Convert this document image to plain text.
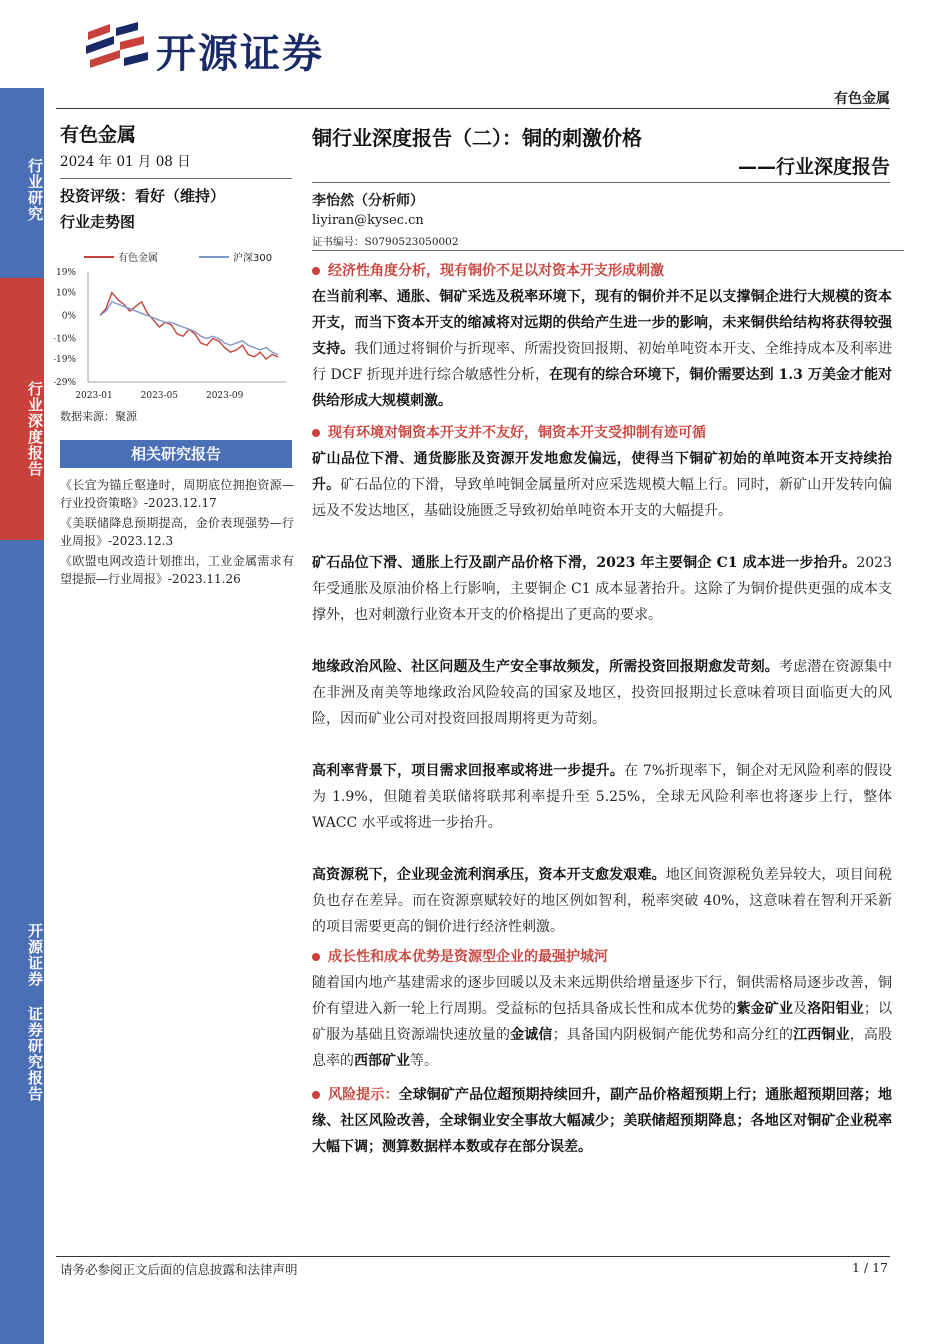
行业研究
行业深度报告
开源证券 证券研究报告
开源证券
有色金属
有色金属
2024 年 01 月 08 日
投资评级：看好（维持）
行业走势图
有色金属	沪深300
19%
10%
0%
-10%
-19%
-29%
2023-01	2023-05	2023-09
数据来源：聚源
相关研究报告
《长宜为锚丘壑逢时，周期底位拥抱资源—行业投资策略》-2023.12.17
《美联储降息预期提高，金价表现强势—行业周报》-2023.12.3
《欧盟电网改造计划推出，工业金属需求有望提振—行业周报》-2023.11.26
铜行业深度报告（二）：铜的刺激价格
——行业深度报告
李怡然（分析师）
liyiran@kysec.cn
证书编号：S0790523050002
经济性角度分析，现有铜价不足以对资本开支形成刺激

在当前利率、通胀、铜矿采选及税率环境下，现有的铜价并不足以支撑铜企进行大规模的资本开支，而当下资本开支的缩减将对远期的供给产生进一步的影响，未来铜供给结构将获得较强支持。我们通过将铜价与折现率、所需投资回报期、初始单吨资本开支、全维持成本及利率进行 DCF 折现并进行综合敏感性分析，在现有的综合环境下，铜价需要达到 1.3 万美金才能对供给形成大规模刺激。

现有环境对铜资本开支并不友好，铜资本开支受抑制有迹可循

矿山品位下滑、通货膨胀及资源开发地愈发偏远，使得当下铜矿初始的单吨资本开支持续抬升。矿石品位的下滑，导致单吨铜金属量所对应采选规模大幅上行。同时，新矿山开发转向偏远及不发达地区，基础设施匮乏导致初始单吨资本开支的大幅提升。

矿石品位下滑、通胀上行及副产品价格下滑，2023 年主要铜企 C1 成本进一步抬升。2023 年受通胀及原油价格上行影响，主要铜企 C1 成本显著抬升。这除了为铜价提供更强的成本支撑外，也对刺激行业资本开支的价格提出了更高的要求。

地缘政治风险、社区问题及生产安全事故频发，所需投资回报期愈发苛刻。考虑潜在资源集中在非洲及南美等地缘政治风险较高的国家及地区，投资回报期过长意味着项目面临更大的风险，因而矿业公司对投资回报周期将更为苛刻。

高利率背景下，项目需求回报率或将进一步提升。在 7%折现率下，铜企对无风险利率的假设为 1.9%，但随着美联储将联邦利率提升至 5.25%，全球无风险利率也将逐步上行，整体 WACC 水平或将进一步抬升。

高资源税下，企业现金流利润承压，资本开支愈发艰难。地区间资源税负差异较大，项目间税负也存在差异。而在资源禀赋较好的地区例如智利，税率突破 40%，这意味着在智利开采新的项目需要更高的铜价进行经济性刺激。

成长性和成本优势是资源型企业的最强护城河

随着国内地产基建需求的逐步回暖以及未来远期供给增量逐步下行，铜供需格局逐步改善，铜价有望进入新一轮上行周期。受益标的包括具备成长性和成本优势的紫金矿业及洛阳钼业；以矿服为基础且资源端快速放量的金诚信；具备国内阴极铜产能优势和高分红的江西铜业，高股息率的西部矿业等。

风险提示：全球铜矿产品位超预期持续回升，副产品价格超预期上行；通胀超预期回落；地缘、社区风险改善，全球铜业安全事故大幅减少；美联储超预期降息；各地区对铜矿企业税率大幅下调；测算数据样本数或存在部分误差。

请务必参阅正文后面的信息披露和法律声明	1 / 17
